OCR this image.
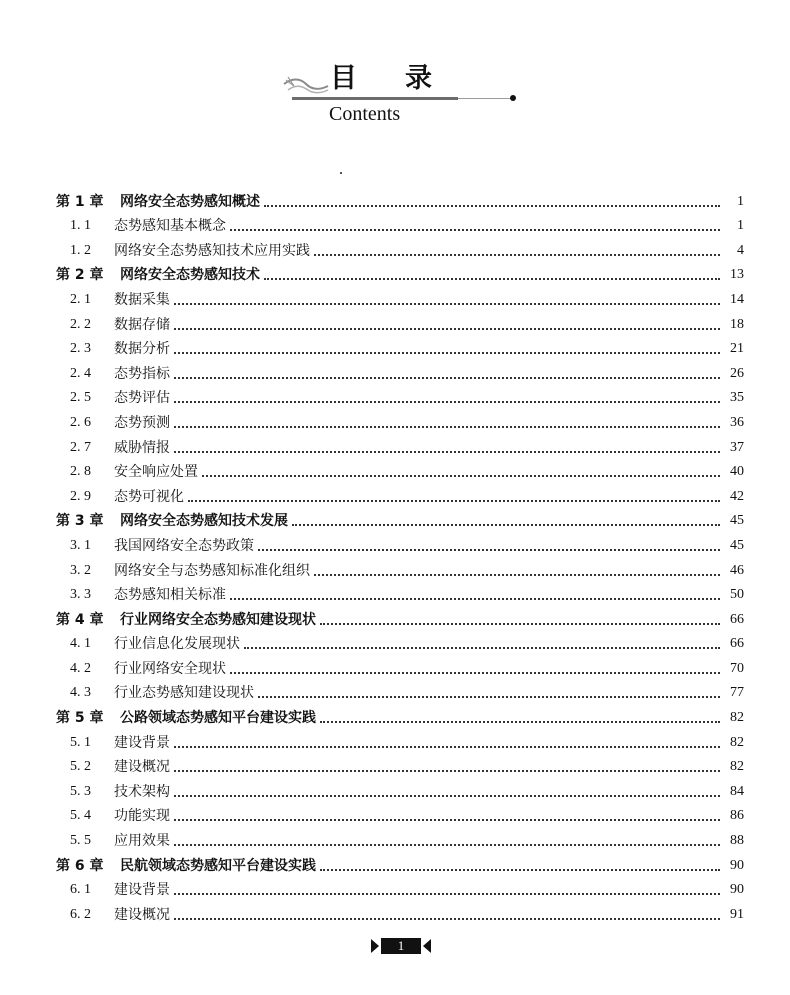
目录
Contents
第 1 章	网络安全态势感知概述	1
1. 1	态势感知基本概念	1
1. 2	网络安全态势感知技术应用实践	4
第 2 章	网络安全态势感知技术	13
2. 1	数据采集	14
2. 2	数据存储	18
2. 3	数据分析	21
2. 4	态势指标	26
2. 5	态势评估	35
2. 6	态势预测	36
2. 7	威胁情报	37
2. 8	安全响应处置	40
2. 9	态势可视化	42
第 3 章	网络安全态势感知技术发展	45
3. 1	我国网络安全态势政策	45
3. 2	网络安全与态势感知标准化组织	46
3. 3	态势感知相关标准	50
第 4 章	行业网络安全态势感知建设现状	66
4. 1	行业信息化发展现状	66
4. 2	行业网络安全现状	70
4. 3	行业态势感知建设现状	77
第 5 章	公路领域态势感知平台建设实践	82
5. 1	建设背景	82
5. 2	建设概况	82
5. 3	技术架构	84
5. 4	功能实现	86
5. 5	应用效果	88
第 6 章	民航领域态势感知平台建设实践	90
6. 1	建设背景	90
6. 2	建设概况	91
1
